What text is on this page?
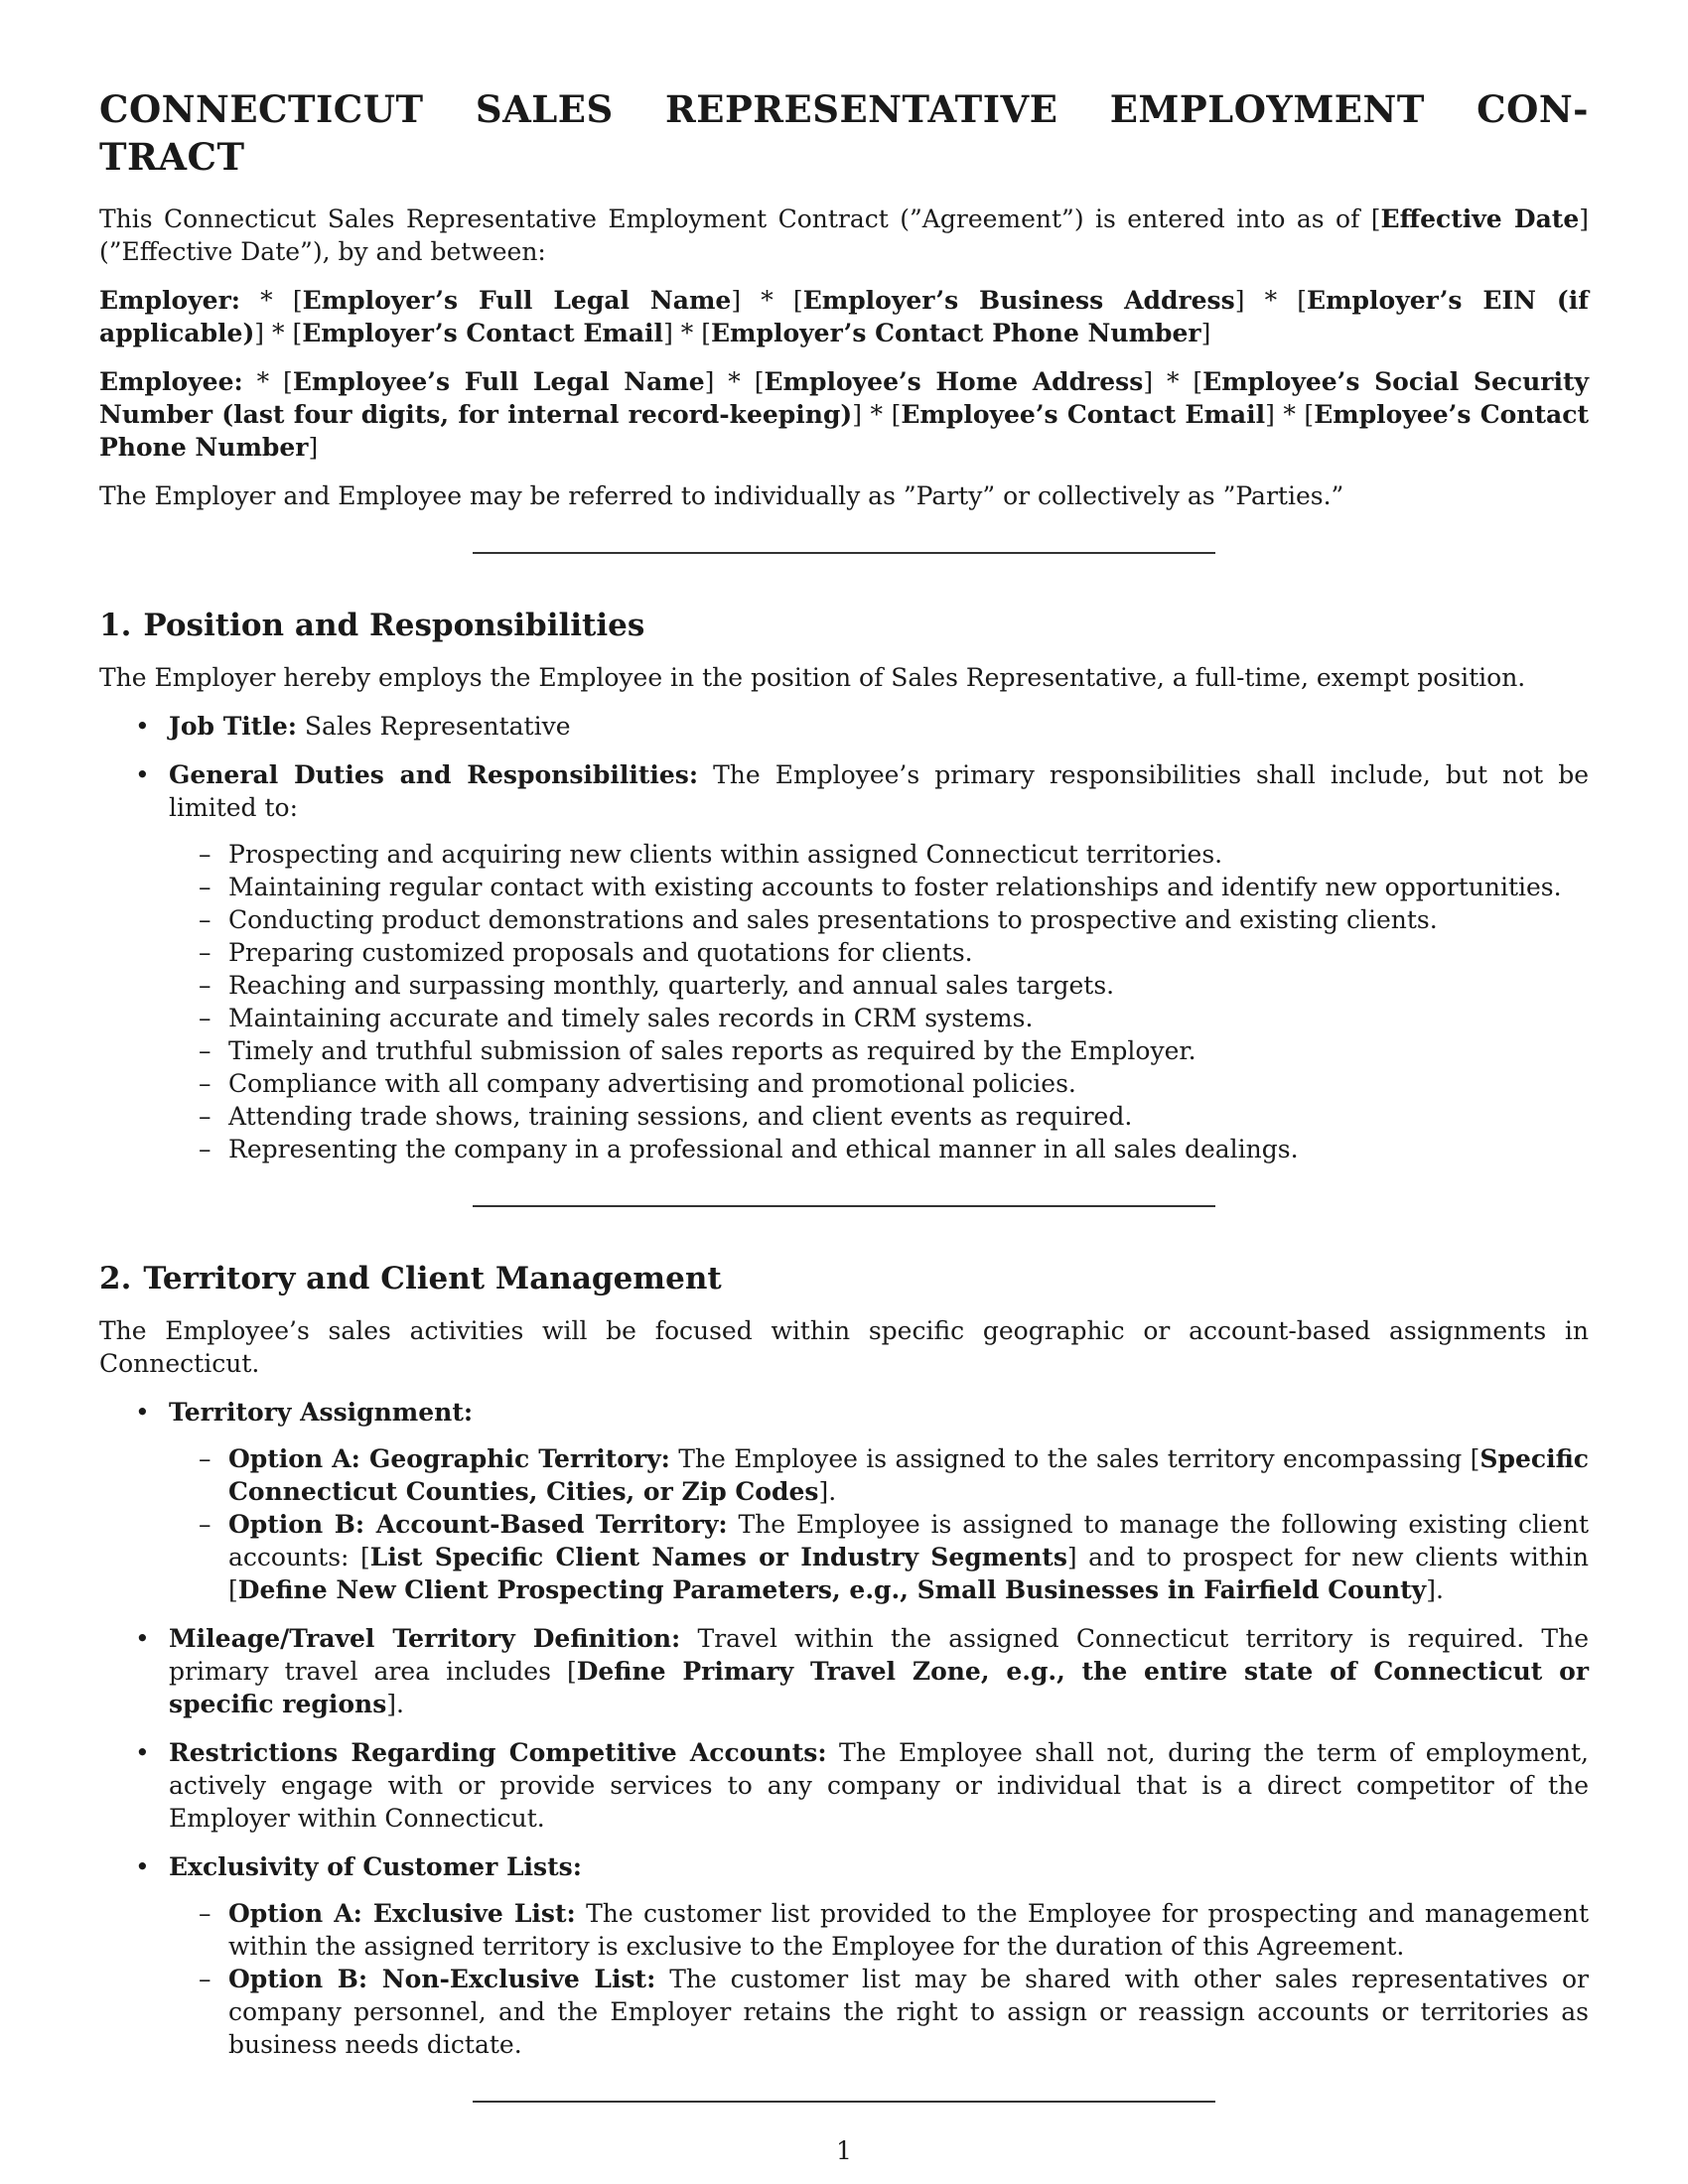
CONNECTICUT SALES REPRESENTATIVE EMPLOYMENT CON- TRACT

This Connecticut Sales Representative Employment Contract (”Agreement”) is entered into as of [Effective Date] (”Effective Date”), by and between:

Employer: * [Employer’s Full Legal Name] * [Employer’s Business Address] * [Employer’s EIN (if applicable)] * [Employer’s Contact Email] * [Employer’s Contact Phone Number]

Employee: * [Employee’s Full Legal Name] * [Employee’s Home Address] * [Employee’s Social Security Number (last four digits, for internal record-keeping)] * [Employee’s Contact Email] * [Employee’s Contact Phone Number]

The Employer and Employee may be referred to individually as ”Party” or collectively as ”Parties.”

1. Position and Responsibilities

The Employer hereby employs the Employee in the position of Sales Representative, a full-time, exempt position.

• Job Title: Sales Representative
• General Duties and Responsibilities: The Employee’s primary responsibilities shall include, but not be limited to:
– Prospecting and acquiring new clients within assigned Connecticut territories.
– Maintaining regular contact with existing accounts to foster relationships and identify new opportunities.
– Conducting product demonstrations and sales presentations to prospective and existing clients.
– Preparing customized proposals and quotations for clients.
– Reaching and surpassing monthly, quarterly, and annual sales targets.
– Maintaining accurate and timely sales records in CRM systems.
– Timely and truthful submission of sales reports as required by the Employer.
– Compliance with all company advertising and promotional policies.
– Attending trade shows, training sessions, and client events as required.
– Representing the company in a professional and ethical manner in all sales dealings.
2. Territory and Client Management

The Employee’s sales activities will be focused within specific geographic or account-based assignments in Connecticut.

• Territory Assignment:
– Option A: Geographic Territory: The Employee is assigned to the sales territory encompassing [Specific Connecticut Counties, Cities, or Zip Codes].
– Option B: Account-Based Territory: The Employee is assigned to manage the following existing client accounts: [List Specific Client Names or Industry Segments] and to prospect for new clients within [Define New Client Prospecting Parameters, e.g., Small Businesses in Fairfield County].
• Mileage/Travel Territory Definition: Travel within the assigned Connecticut territory is required. The primary travel area includes [Define Primary Travel Zone, e.g., the entire state of Connecticut or specific regions].
• Restrictions Regarding Competitive Accounts: The Employee shall not, during the term of employment, actively engage with or provide services to any company or individual that is a direct competitor of the Employer within Connecticut.
• Exclusivity of Customer Lists:
– Option A: Exclusive List: The customer list provided to the Employee for prospecting and management within the assigned territory is exclusive to the Employee for the duration of this Agreement.
– Option B: Non-Exclusive List: The customer list may be shared with other sales representatives or company personnel, and the Employer retains the right to assign or reassign accounts or territories as business needs dictate.
1
